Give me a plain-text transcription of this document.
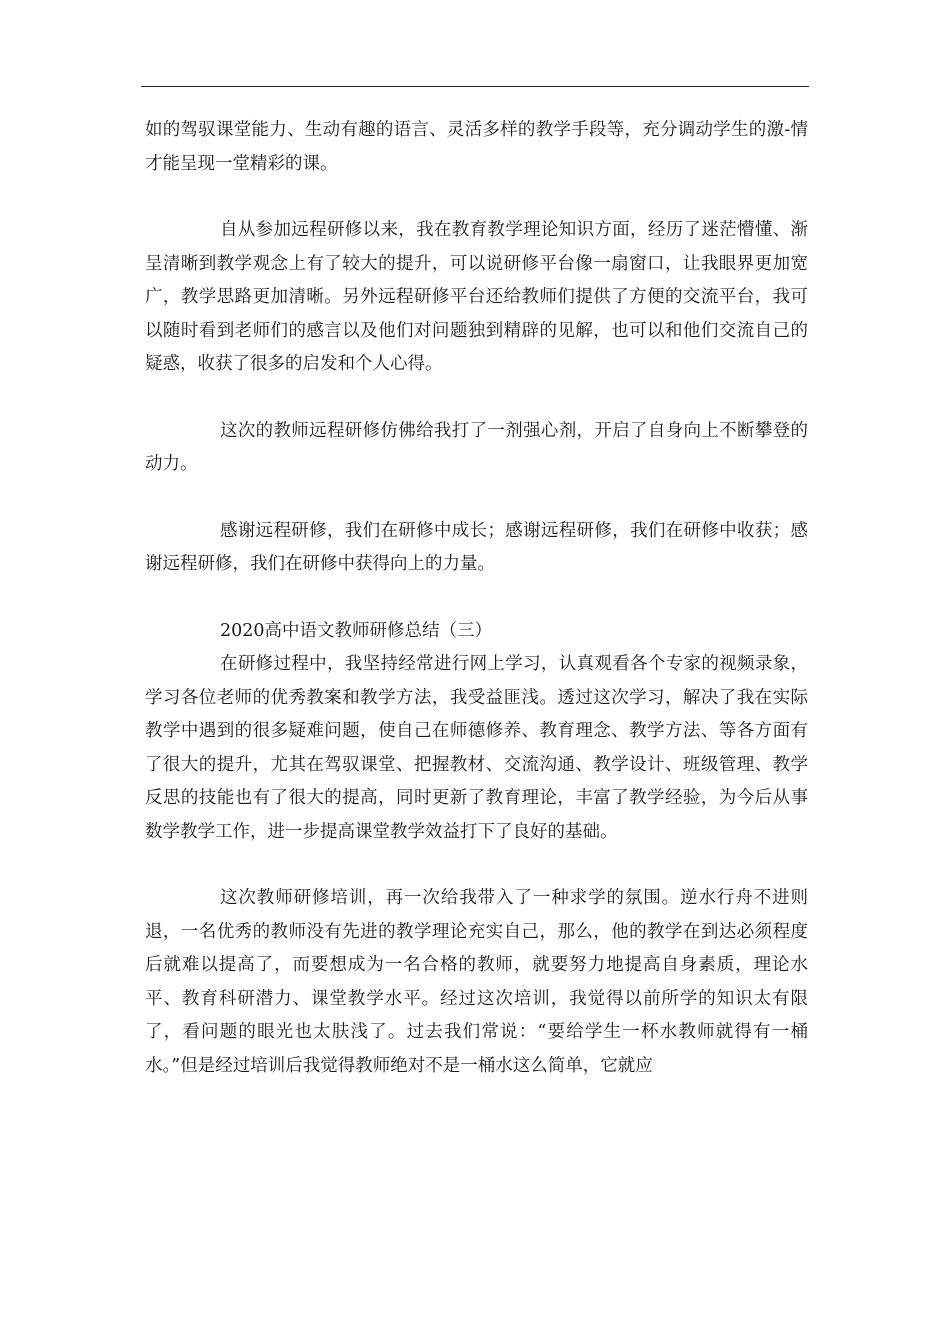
如的驾驭课堂能力、生动有趣的语言、灵活多样的教学手段等，充分调动学生的激-情才能呈现一堂精彩的课。

自从参加远程研修以来，我在教育教学理论知识方面，经历了迷茫懵懂、渐呈清晰到教学观念上有了较大的提升，可以说研修平台像一扇窗口，让我眼界更加宽广，教学思路更加清晰。另外远程研修平台还给教师们提供了方便的交流平台，我可以随时看到老师们的感言以及他们对问题独到精辟的见解，也可以和他们交流自己的疑惑，收获了很多的启发和个人心得。

这次的教师远程研修仿佛给我打了一剂强心剂，开启了自身向上不断攀登的动力。

感谢远程研修，我们在研修中成长；感谢远程研修，我们在研修中收获；感谢远程研修，我们在研修中获得向上的力量。

2020高中语文教师研修总结（三）

在研修过程中，我坚持经常进行网上学习，认真观看各个专家的视频录象，学习各位老师的优秀教案和教学方法，我受益匪浅。透过这次学习，解决了我在实际教学中遇到的很多疑难问题，使自己在师德修养、教育理念、教学方法、等各方面有了很大的提升，尤其在驾驭课堂、把握教材、交流沟通、教学设计、班级管理、教学反思的技能也有了很大的提高，同时更新了教育理论，丰富了教学经验，为今后从事数学教学工作，进一步提高课堂教学效益打下了良好的基础。

这次教师研修培训，再一次给我带入了一种求学的氛围。逆水行舟不进则退，一名优秀的教师没有先进的教学理论充实自己，那么，他的教学在到达必须程度后就难以提高了，而要想成为一名合格的教师，就要努力地提高自身素质，理论水平、教育科研潜力、课堂教学水平。经过这次培训，我觉得以前所学的知识太有限了，看问题的眼光也太肤浅了。过去我们常说：“要给学生一杯水教师就得有一桶水。”但是经过培训后我觉得教师绝对不是一桶水这么简单，它就应
